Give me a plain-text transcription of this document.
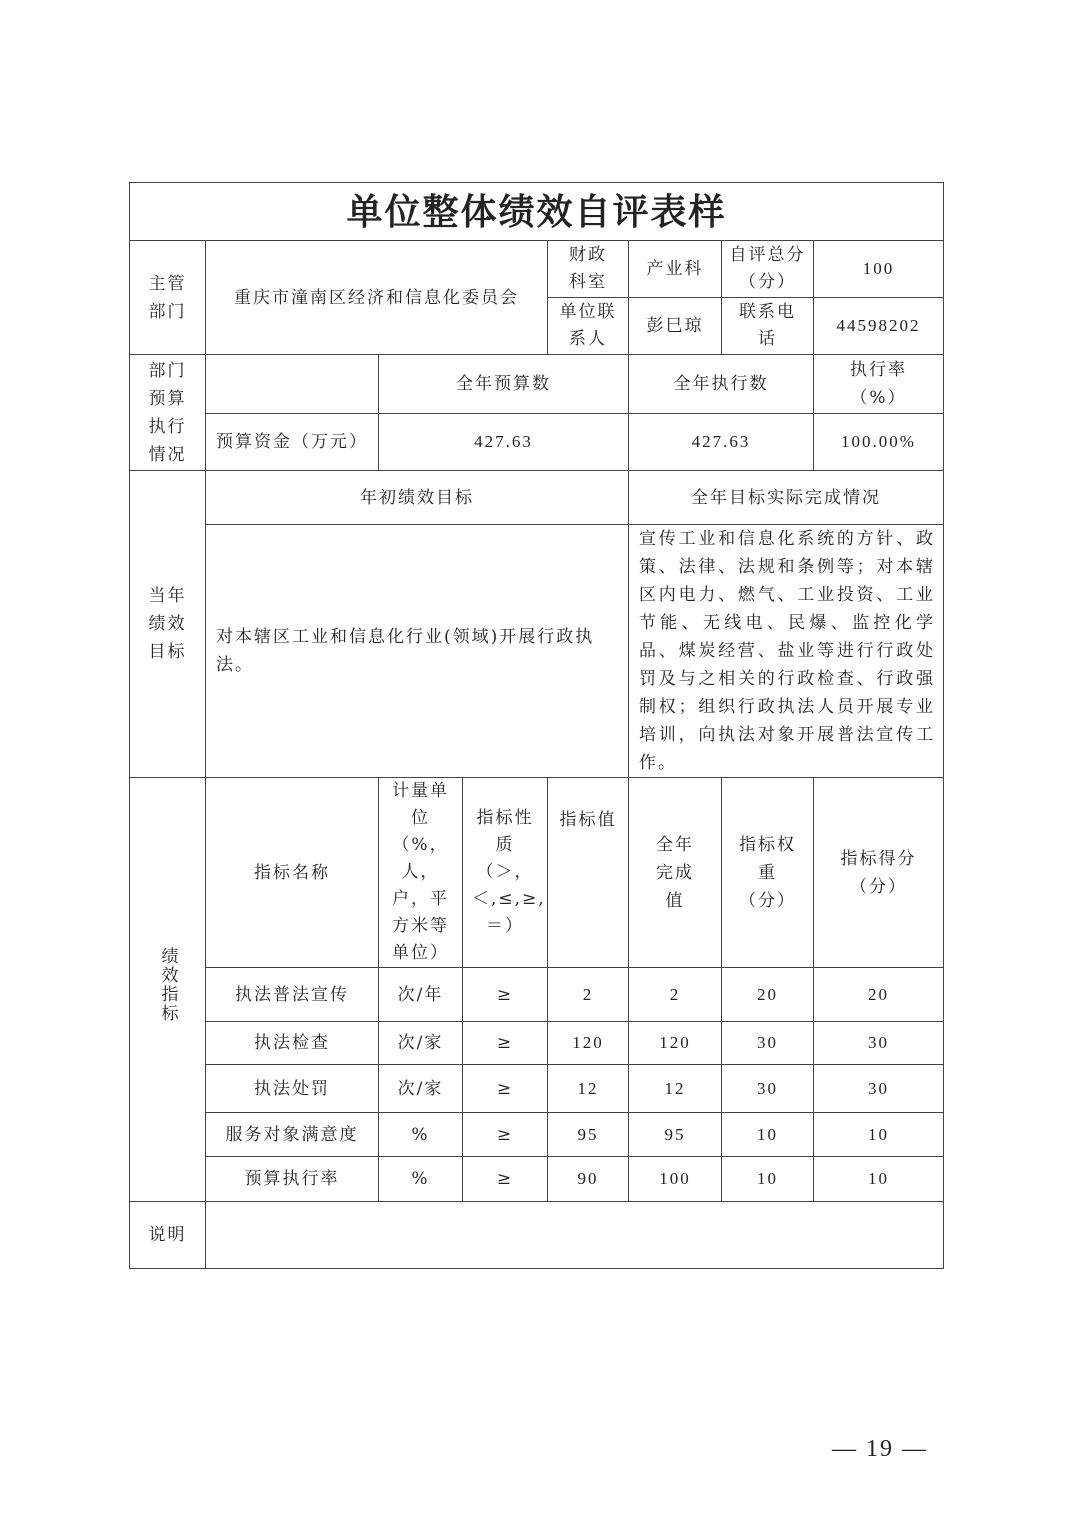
单位整体绩效自评表样							
主管部门	重庆市潼南区经济和信息化委员会			财政科室	产业科	自评总分（分）	100
				单位联系人	彭巳琼	联系电话	44598202
部门预算执行情况		全年预算数			全年执行数		执行率（%）
	预算资金（万元）	427.63			427.63		100.00%
当年绩效目标	年初绩效目标				全年目标实际完成情况		
	对本辖区工业和信息化行业(领域)开展行政执法。				宣传工业和信息化系统的方针、政策、法律、法规和条例等；对本辖区内电力、燃气、工业投资、工业节能、无线电、民爆、监控化学品、煤炭经营、盐业等进行行政处罚及与之相关的行政检查、行政强制权；组织行政执法人员开展专业培训，向执法对象开展普法宣传工作。		
绩效指标	指标名称	计量单位（%，人，户，平方米等单位）	指标性质（＞，＜,≤,≥,＝）	指标值	全年完成值	指标权重（分）	指标得分（分）
	执法普法宣传	次/年	≥	2	2	20	20
	执法检查	次/家	≥	120	120	30	30
	执法处罚	次/家	≥	12	12	30	30
	服务对象满意度	%	≥	95	95	10	10
	预算执行率	%	≥	90	100	10	10
说明							
— 19 —
